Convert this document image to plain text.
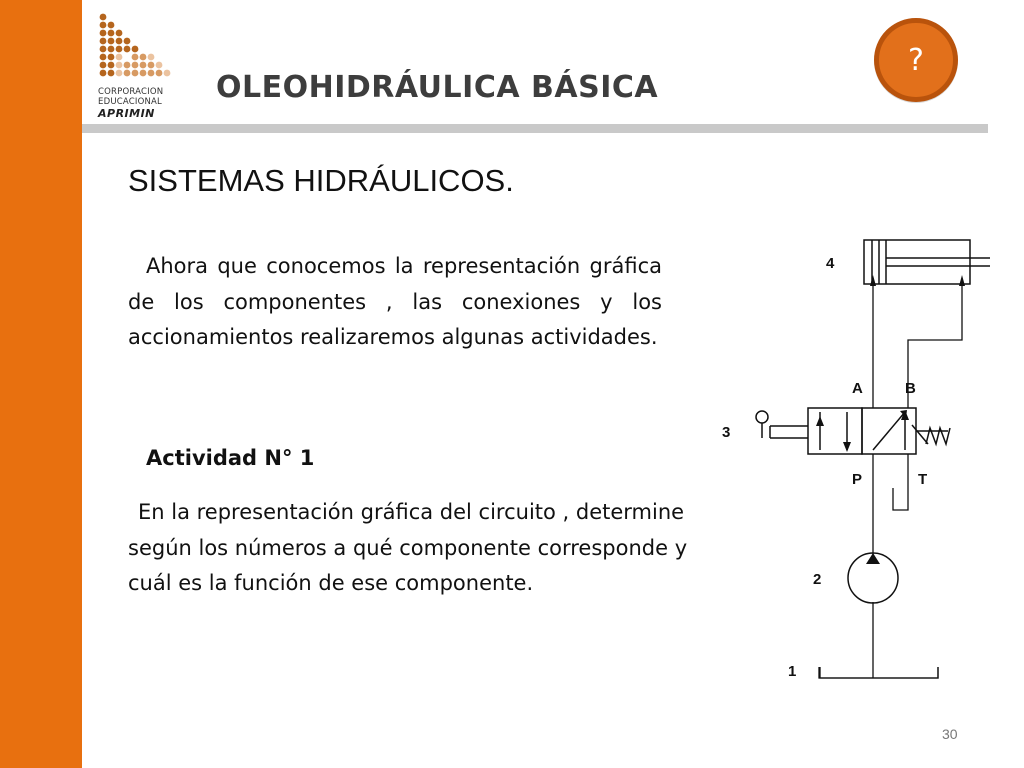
CORPORACION
EDUCACIONAL
APRIMIN
OLEOHIDRÁULICA BÁSICA
?
SISTEMAS HIDRÁULICOS.

Ahora que conocemos la representación gráfica de los componentes , las conexiones y los accionamientos realizaremos algunas actividades.

Actividad N° 1

En la representación gráfica del circuito , determine según los números a qué componente corresponde y cuál es la función de ese componente.

4
3
2
1
A	B
P	T
30
